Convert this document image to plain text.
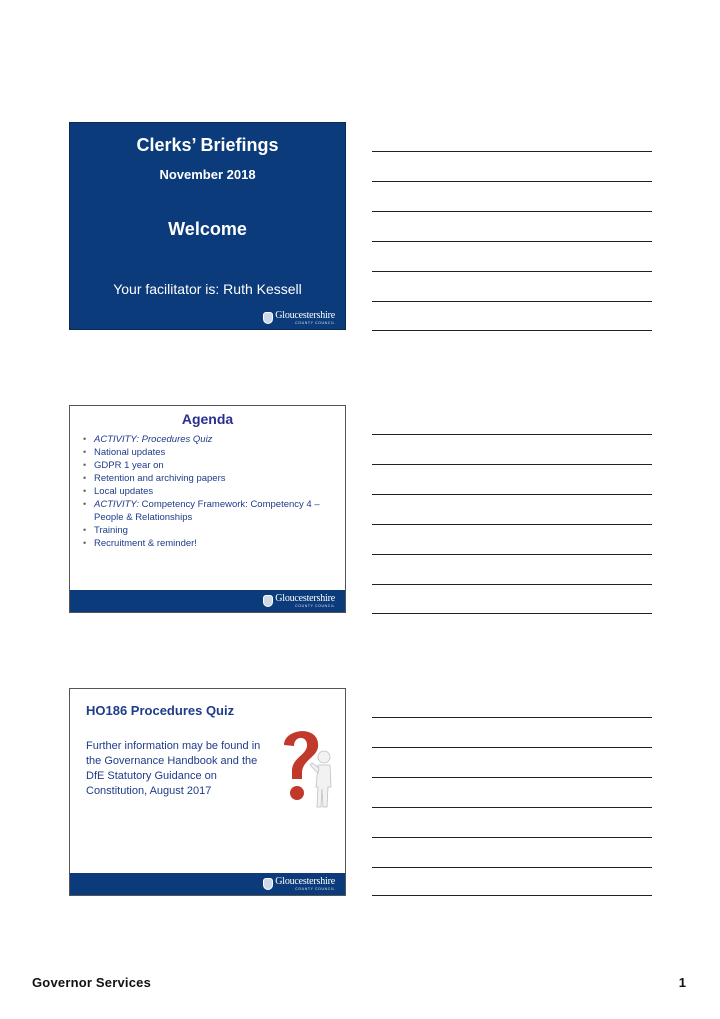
Clerks’ Briefings
November 2018
Welcome
Your facilitator is: Ruth Kessell
Gloucestershire
COUNTY COUNCIL
Agenda
• ACTIVITY: Procedures Quiz
• National updates
• GDPR 1 year on
• Retention and archiving papers
• Local updates
• ACTIVITY: Competency Framework: Competency 4 – People & Relationships
• Training
• Recruitment & reminder!
Gloucestershire
COUNTY COUNCIL
HO186 Procedures Quiz
Further information may be found in the Governance Handbook and the DfE Statutory Guidance on Constitution, August 2017
Gloucestershire
COUNTY COUNCIL
Governor Services	1
